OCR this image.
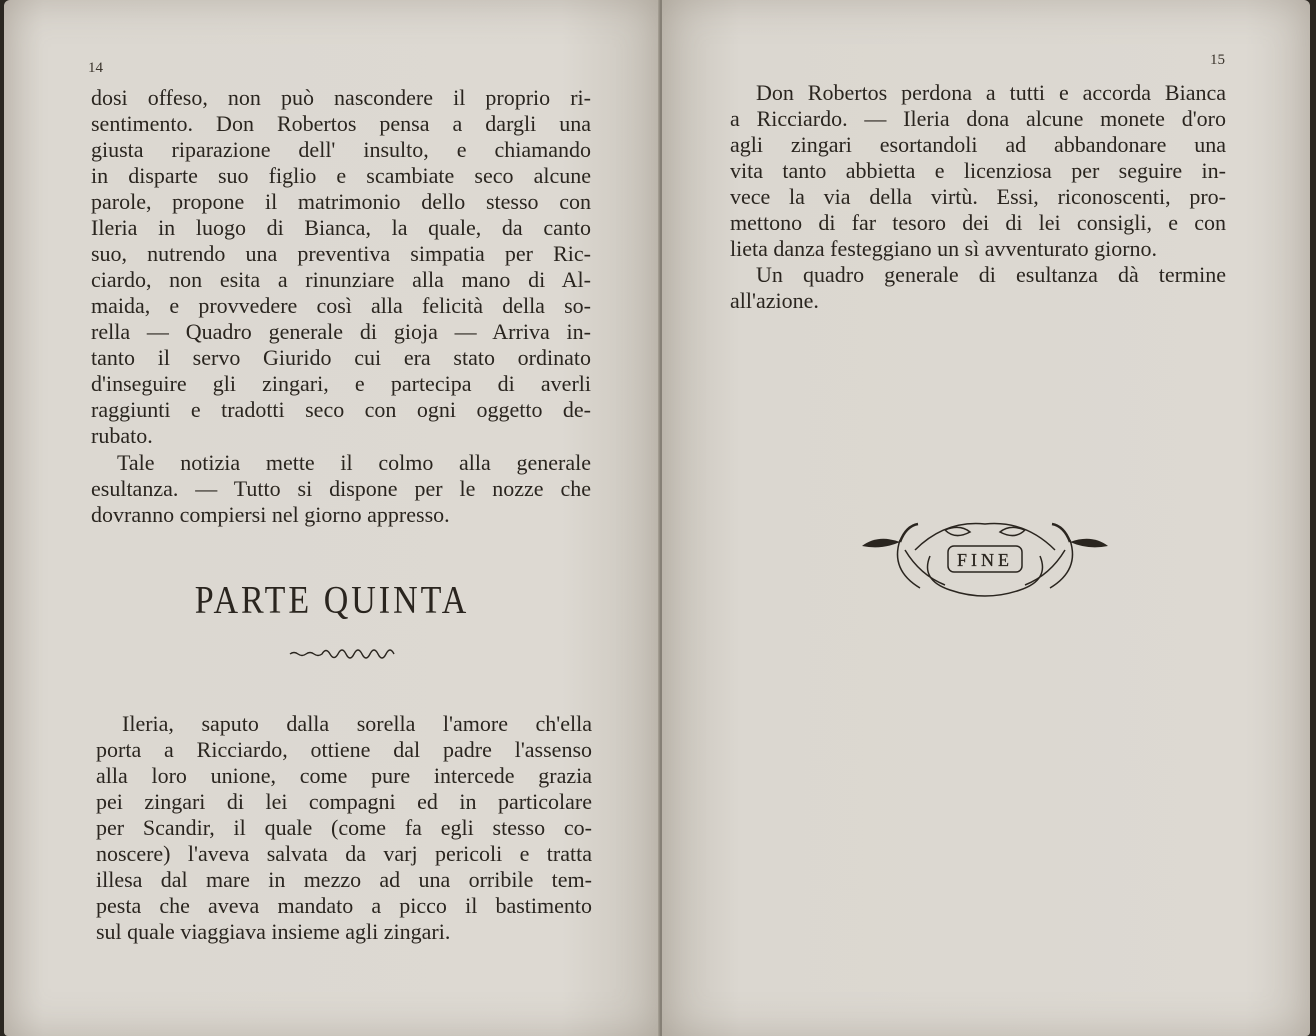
14
dosi offeso, non può nascondere il proprio ri-
sentimento. Don Robertos pensa a dargli una
giusta riparazione dell' insulto, e chiamando
in disparte suo figlio e scambiate seco alcune
parole, propone il matrimonio dello stesso con
Ileria in luogo di Bianca, la quale, da canto
suo, nutrendo una preventiva simpatia per Ric-
ciardo, non esita a rinunziare alla mano di Al-
maida, e provvedere così alla felicità della so-
rella — Quadro generale di gioja — Arriva in-
tanto il servo Giurido cui era stato ordinato
d'inseguire gli zingari, e partecipa di averli
raggiunti e tradotti seco con ogni oggetto de-
rubato.
Tale notizia mette il colmo alla generale
esultanza. — Tutto si dispone per le nozze che
dovranno compiersi nel giorno appresso.
PARTE QUINTA
Ileria, saputo dalla sorella l'amore ch'ella
porta a Ricciardo, ottiene dal padre l'assenso
alla loro unione, come pure intercede grazia
pei zingari di lei compagni ed in particolare
per Scandir, il quale (come fa egli stesso co-
noscere) l'aveva salvata da varj pericoli e tratta
illesa dal mare in mezzo ad una orribile tem-
pesta che aveva mandato a picco il bastimento
sul quale viaggiava insieme agli zingari.
15
Don Robertos perdona a tutti e accorda Bianca
a Ricciardo. — Ileria dona alcune monete d'oro
agli zingari esortandoli ad abbandonare una
vita tanto abbietta e licenziosa per seguire in-
vece la via della virtù. Essi, riconoscenti, pro-
mettono di far tesoro dei di lei consigli, e con
lieta danza festeggiano un sì avventurato giorno.
Un quadro generale di esultanza dà termine
all'azione.
FINE
